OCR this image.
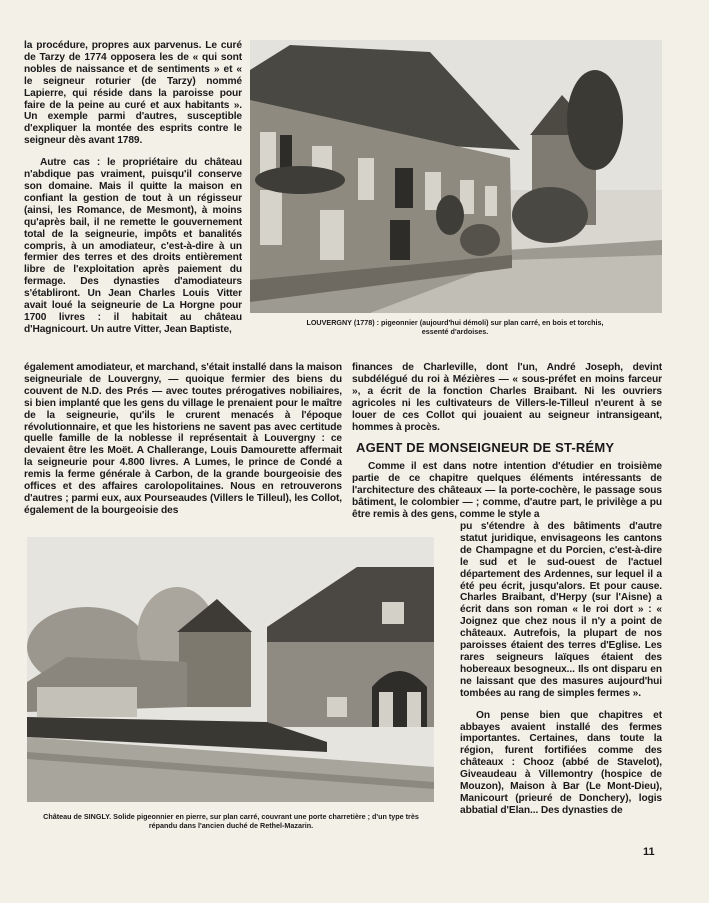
la procédure, propres aux parvenus. Le curé de Tarzy de 1774 opposera les de « qui sont nobles de naissance et de sentiments » et « le seigneur roturier (de Tarzy) nommé Lapierre, qui réside dans la paroisse pour faire de la peine au curé et aux habitants ». Un exemple parmi d'autres, susceptible d'expliquer la montée des esprits contre le seigneur dès avant 1789.

Autre cas : le propriétaire du château n'abdique pas vraiment, puisqu'il conserve son domaine. Mais il quitte la maison en confiant la gestion de tout à un régisseur (ainsi, les Romance, de Mesmont), à moins qu'après bail, il ne remette le gouvernement total de la seigneurie, impôts et banalités compris, à un amodiateur, c'est-à-dire à un fermier des terres et des droits entièrement libre de l'exploitation après paiement du fermage. Des dynasties d'amodiateurs s'établiront. Un Jean Charles Louis Vitter avait loué la seigneurie de La Horgne pour 1700 livres : il habitait au château d'Hagnicourt. Un autre Vitter, Jean Baptiste,

LOUVERGNY (1778) : pigeonnier (aujourd'hui démoli) sur plan carré, en bois et torchis, essenté d'ardoises.

également amodiateur, et marchand, s'était installé dans la maison seigneuriale de Louvergny, — quoique fermier des biens du couvent de N.D. des Prés — avec toutes prérogatives nobiliaires, si bien implanté que les gens du village le prenaient pour le maître de la seigneurie, qu'ils le crurent menacés à l'époque révolutionnaire, et que les historiens ne savent pas avec certitude quelle famille de la noblesse il représentait à Louvergny : ce devaient être les Moët. A Challerange, Louis Damourette affermait la seigneurie pour 4.800 livres. A Lumes, le prince de Condé a remis la ferme générale à Carbon, de la grande bourgeoisie des offices et des affaires carolopolitaines. Nous en retrouverons d'autres ; parmi eux, aux Pourseaudes (Villers le Tilleul), les Collot, également de la bourgeoisie des

finances de Charleville, dont l'un, André Joseph, devint subdélégué du roi à Mézières — « sous-préfet en moins farceur », a écrit de la fonction Charles Braibant. Ni les ouvriers agricoles ni les cultivateurs de Villers-le-Tilleul n'eurent à se louer de ces Collot qui jouaient au seigneur intransigeant, hommes à procès.

AGENT DE MONSEIGNEUR DE ST-RÉMY

Comme il est dans notre intention d'étudier en troisième partie de ce chapitre quelques éléments intéressants de l'architecture des châteaux — la porte-cochère, le passage sous bâtiment, le colombier — ; comme, d'autre part, le privilège a pu être remis à des gens, comme le style a

Château de SINGLY. Solide pigeonnier en pierre, sur plan carré, couvrant une porte charretière ; d'un type très répandu dans l'ancien duché de Rethel-Mazarin.

pu s'étendre à des bâtiments d'autre statut juridique, envisageons les cantons de Champagne et du Porcien, c'est-à-dire le sud et le sud-ouest de l'actuel département des Ardennes, sur lequel il a été peu écrit, jusqu'alors. Et pour cause. Charles Braibant, d'Herpy (sur l'Aisne) a écrit dans son roman « le roi dort » : « Joignez que chez nous il n'y a point de châteaux. Autrefois, la plupart de nos paroisses étaient des terres d'Eglise. Les rares seigneurs laïques étaient des hobereaux besogneux... Ils ont disparu en ne laissant que des masures aujourd'hui tombées au rang de simples fermes ».

On pense bien que chapitres et abbayes avaient installé des fermes importantes. Certaines, dans toute la région, furent fortifiées comme des châteaux : Chooz (abbé de Stavelot), Giveaudeau à Villemontry (hospice de Mouzon), Maison à Bar (Le Mont-Dieu), Manicourt (prieuré de Donchery), logis abbatial d'Elan... Des dynasties de

11
